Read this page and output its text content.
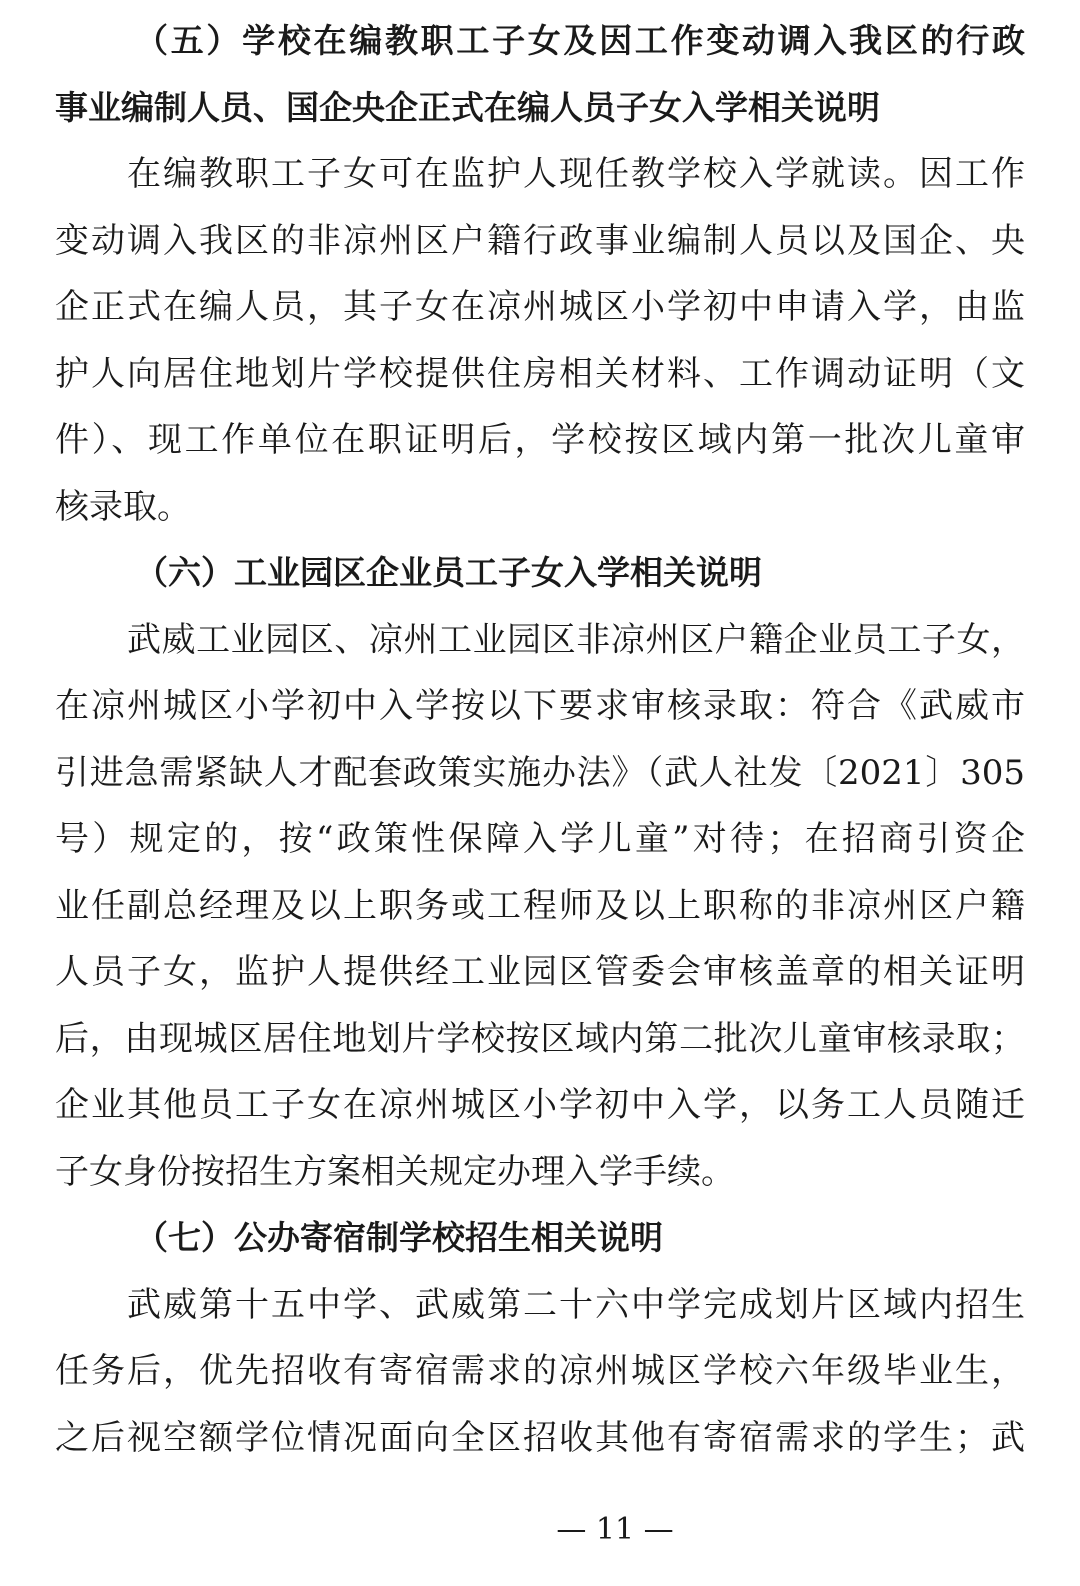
（五）学校在编教职工子女及因工作变动调入我区的行政
事业编制人员、国企央企正式在编人员子女入学相关说明
在编教职工子女可在监护人现任教学校入学就读。因工作
变动调入我区的非凉州区户籍行政事业编制人员以及国企、央
企正式在编人员，其子女在凉州城区小学初中申请入学，由监
护人向居住地划片学校提供住房相关材料、工作调动证明（文
件）、现工作单位在职证明后，学校按区域内第一批次儿童审
核录取。
（六）工业园区企业员工子女入学相关说明
武威工业园区、凉州工业园区非凉州区户籍企业员工子女，
在凉州城区小学初中入学按以下要求审核录取：符合《武威市
引进急需紧缺人才配套政策实施办法》（武人社发〔2021〕305
号）规定的，按“政策性保障入学儿童”对待；在招商引资企
业任副总经理及以上职务或工程师及以上职称的非凉州区户籍
人员子女，监护人提供经工业园区管委会审核盖章的相关证明
后，由现城区居住地划片学校按区域内第二批次儿童审核录取；
企业其他员工子女在凉州城区小学初中入学，以务工人员随迁
子女身份按招生方案相关规定办理入学手续。
（七）公办寄宿制学校招生相关说明
武威第十五中学、武威第二十六中学完成划片区域内招生
任务后，优先招收有寄宿需求的凉州城区学校六年级毕业生，
之后视空额学位情况面向全区招收其他有寄宿需求的学生；武
— 11 —
